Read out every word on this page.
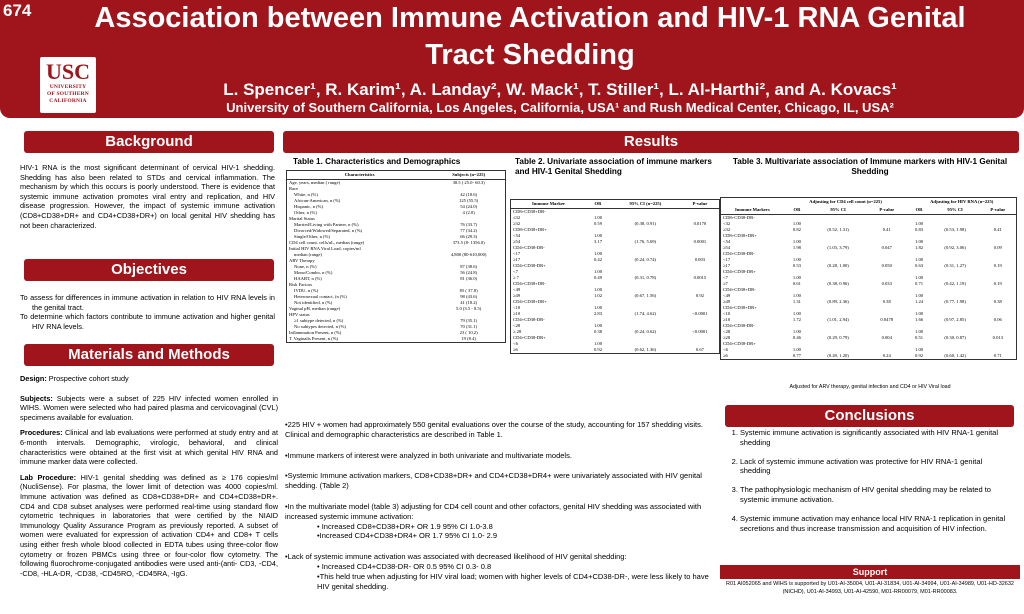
674
USC
UNIVERSITY
OF SOUTHERN
CALIFORNIA
Association between Immune Activation and HIV-1 RNA Genital Tract Shedding
L. Spencer¹, R. Karim¹, A. Landay², W. Mack¹, T. Stiller¹, L. Al-Harthi², and A. Kovacs¹
University of Southern California, Los Angeles, California, USA¹ and Rush Medical Center, Chicago, IL, USA²
Background
HIV-1 RNA is the most significant determinant of cervical HIV-1 shedding. Shedding has also been related to STDs and cervical inflammation. The mechanism by which this occurs is poorly understood. There is evidence that systemic immune activation promotes viral entry and replication, and HIV disease progression. However, the impact of systemic immune activation (CD8+CD38+DR+ and CD4+CD38+DR+) on local genital HIV shedding has not been characterized.
Objectives
To assess for differences in immune activation in relation to HIV RNA levels in the genital tract.
To determine which factors contribute to immune activation and higher genital HIV RNA levels.
Materials and Methods
Design: Prospective cohort study
Subjects: Subjects were a subset of 225 HIV infected women enrolled in WIHS. Women were selected who had paired plasma and cervicovaginal (CVL) specimens available for evaluation.
Procedures: Clinical and lab evaluations were performed at study entry and at 6-month intervals. Demographic, virologic, behavioral, and clinical characteristics were obtained at the first visit at which genital HIV RNA and immune marker data were collected.
Lab Procedure: HIV-1 genital shedding was defined as ≥ 176 copies/ml (NucliSense). For plasma, the lower limit of detection was 4000 copies/ml. Immune activation was defined as CD8+CD38+DR+ and CD4+CD38+DR+. CD4 and CD8 subset analyses were performed real-time using standard flow cytometric techniques in laboratories that were certified by the NIAID Immunology Quality Assurance Program as previously reported. A subset of women were evaluated for expression of activation CD4+ and CD8+ T cells using either fresh whole blood collected in EDTA tubes using three-color flow cytometry or frozen PBMCs using three or four-color flow cytometry. The following fluorochrome-conjugated antibodies were used anti-(anti- CD3, -CD4, -CD8, -HLA-DR, -CD38, -CD45RO, -CD45RA, -IgG.
Results
Table 1. Characteristics and Demographics
Characteristics	Subjects (n=225)
Age, years, median ( range)	38.5 ( 25.0- 60.3)
Race	
White, n (%)	42 (18.6)
African-American, n (%)	125 (55.5)
Hispanic, n (%)	54 (24.0)
Other, n (%)	4 (2.0)
Marital Status	
Married/Living with Partner, n (%)	76 (33.7)
Divorced/Widowed/Separated, n (%)	77 (34.2)
Single/Other, n (%)	66 (29.3)
CD4 cell count, cells/uL, median (range)	373.5 (8- 1356.0)
Initial HIV RNA Viral Load, copies/ml	
median (range)	4,800 (80-610,000)
ARV Therapy	
None, n (%)	87 (38.6)
Mono/Combo, n (%)	56 (24.8)
HAART, n (%)	81 (36.0)
Risk Factors	
IVDU, n (%)	85 ( 37.8)
Heterosexual contact, (n (%)	98 (43.6)
Not identified, n (%)	41 (18.2)
Vaginal pH, median (range)	5.0 (3.5 - 8.5)
HPV status	
≥1 subtype detected, n (%)	79 (35.1)
No subtypes detected, n (%)	70 (31.1)
Inflammation Present, n (%)	23 ( 10.2)
T. Vaginalis Present, n (%)	19 (8.4)
Table 2. Univariate association of immune markers and HIV-1 Genital Shedding
Immune Marker	OR	95% CI (n=225)	P-value
CD8+CD38+DR-			
≤32	1.00		
≥32	0.59	(0.38, 0.91)	0.0170
CD8+CD38+DR+			
<54	1.00		
≥54	3.17	(1.76, 5.69)	0.0001
CD4+CD38-DR-			
<17	1.00		
≥17	0.42	(0.24, 0.74)	0.003
CD4+CD38-DR+			
<7	1.00		
≥ 7	0.49	(0.31, 0.78)	0.0015
CD4+CD38+DR-			
<49	1.00		
≥49	1.02	(0.67, 1.56)	0.92
CD4+CD38+DR+			
<10	1.00		
≥10	2.83	(1.74, 4.62)	<0.0001
CD4+CD38-DR-			
<28	1.00		
≥ 28	0.38	(0.24, 0.62)	<0.0001
CD4+CD38-DR+			
<6	1.00		
≥6	0.92	(0.62, 1.36)	0.67
Table 3. Multivariate association of Immune markers with HIV-1 Genital Shedding
	Adjusting for CD4 cell count (n=225)			Adjusting for HIV RNA (n=225)		
Immune Markers	OR	95% CI	P-value	OR	95% CI	P-value
CD8+CD38-DR-						
<32	1.00			1.00		
≥32	0.82	(0.52, 1.31)	0.41	0.83	(0.53, 1.98)	0.41
CD8+CD38+DR+						
<54	1.00			1.00		
≥54	1.98	(1.03, 3.79)	0.047	1.82	(0.92, 3.06)	0.09
CD4+CD38-DR-						
<17	1.00			1.00		
≥17	0.53	(0.28, 1.00)	0.050	0.63	(0.31, 1.27)	0.19
CD4+CD38-DR+						
<7	1.00			1.00		
≥7	0.61	(0.38, 0.96)	0.033	0.71	(0.42, 1.19)	0.19
CD4+CD38+DR-						
<49	1.00			1.00		
≥49	1.31	(0.89, 2.36)	0.38	1.24	(0.77, 1.98)	0.38
CD4+CD38+DR+						
<10	1.00			1.00		
≥10	1.72	(1.01, 2.94)	0.0478	1.66	(0.97, 2.85)	0.06
CD4+CD38-DR-						
<28	1.00			1.00		
≥28	0.46	(0.29, 0.79)	0.004	0.51	(0.30, 0.87)	0.013
CD4+CD38-DR+						
<6	1.00			1.00		
≥6	0.77	(0.49, 1.20)	0.24	0.92	(0.60, 1.42)	0.71
Adjusted for ARV therapy, genital infection and CD4 or HIV Viral load
•225 HIV + women had approximately 550 genital evaluations over the course of the study, accounting for 157 shedding visits. Clinical and demographic characteristics are described in Table 1.
•Immune markers of interest were analyzed in both univariate and multivariate models.
•Systemic Immune activation markers, CD8+CD38+DR+ and CD4+CD38+DR4+ were univariately associated with HIV genital shedding. (Table 2)
•In the multivariate model (table 3) adjusting for CD4 cell count and other cofactors, genital HIV shedding was associated with increased systemic immune activation:
• Increased CD8+CD38+DR+ OR 1.9 95% CI 1.0-3.8
•Increased CD4+CD38+DR4+ OR 1.7 95% CI 1.0- 2.9
•Lack of systemic immune activation was associated with decreased likelihood of HIV genital shedding:
• Increased CD4+CD38-DR- OR 0.5 95% CI 0.3- 0.8
•This held true when adjusting for HIV viral load; women with higher levels of CD4+CD38-DR-, were less likely to have HIV genital shedding.
Conclusions
1. Systemic immune activation is significantly associated with HIV RNA-1 genital shedding
2. Lack of systemic immune activation was protective for HIV RNA-1 genital shedding
3. The pathophysiologic mechanism of HIV genital shedding may be related to systemic immune activation.
4. Systemic immune activation may enhance local HIV RNA-1 replication in genital secretions and thus increase transmission and acquisition of HIV infection.
Support
R01 AI052065 and WIHS is supported by U01-AI-35004, U01-AI-31834, U01-AI-34994, U01-AI-34989, U01-HD-32632 (NICHD), U01-AI-34993, U01-AI-42590, M01-RR00079, M01-RR00083.
